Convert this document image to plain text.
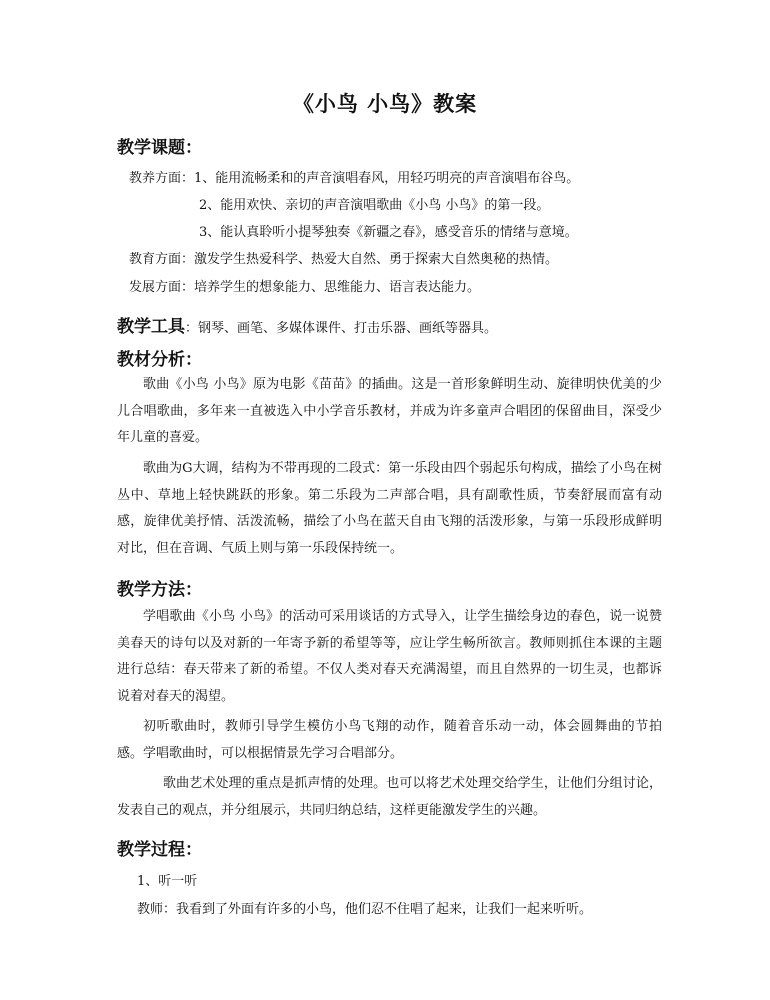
《小鸟 小鸟》教案
教学课题：
教养方面：1、能用流畅柔和的声音演唱春风，用轻巧明亮的声音演唱布谷鸟。
2、能用欢快、亲切的声音演唱歌曲《小鸟 小鸟》的第一段。
3、能认真聆听小提琴独奏《新疆之春》，感受音乐的情绪与意境。
教育方面：激发学生热爱科学、热爱大自然、勇于探索大自然奥秘的热情。
发展方面：培养学生的想象能力、思维能力、语言表达能力。
教学工具：钢琴、画笔、多媒体课件、打击乐器、画纸等器具。
教材分析：
歌曲《小鸟 小鸟》原为电影《苗苗》的插曲。这是一首形象鲜明生动、旋律明快优美的少儿合唱歌曲，多年来一直被选入中小学音乐教材，并成为许多童声合唱团的保留曲目，深受少年儿童的喜爱。
歌曲为G大调，结构为不带再现的二段式：第一乐段由四个弱起乐句构成，描绘了小鸟在树丛中、草地上轻快跳跃的形象。第二乐段为二声部合唱，具有副歌性质，节奏舒展而富有动感，旋律优美抒情、活泼流畅，描绘了小鸟在蓝天自由飞翔的活泼形象，与第一乐段形成鲜明对比，但在音调、气质上则与第一乐段保持统一。
教学方法：
学唱歌曲《小鸟 小鸟》的活动可采用谈话的方式导入，让学生描绘身边的春色，说一说赞美春天的诗句以及对新的一年寄予新的希望等等，应让学生畅所欲言。教师则抓住本课的主题进行总结：春天带来了新的希望。不仅人类对春天充满渴望，而且自然界的一切生灵，也都诉说着对春天的渴望。
初听歌曲时，教师引导学生模仿小鸟飞翔的动作，随着音乐动一动，体会圆舞曲的节拍感。学唱歌曲时，可以根据情景先学习合唱部分。
歌曲艺术处理的重点是抓声情的处理。也可以将艺术处理交给学生，让他们分组讨论，发表自己的观点，并分组展示，共同归纳总结，这样更能激发学生的兴趣。
教学过程：
1、听一听
教师：我看到了外面有许多的小鸟，他们忍不住唱了起来，让我们一起来听听。
